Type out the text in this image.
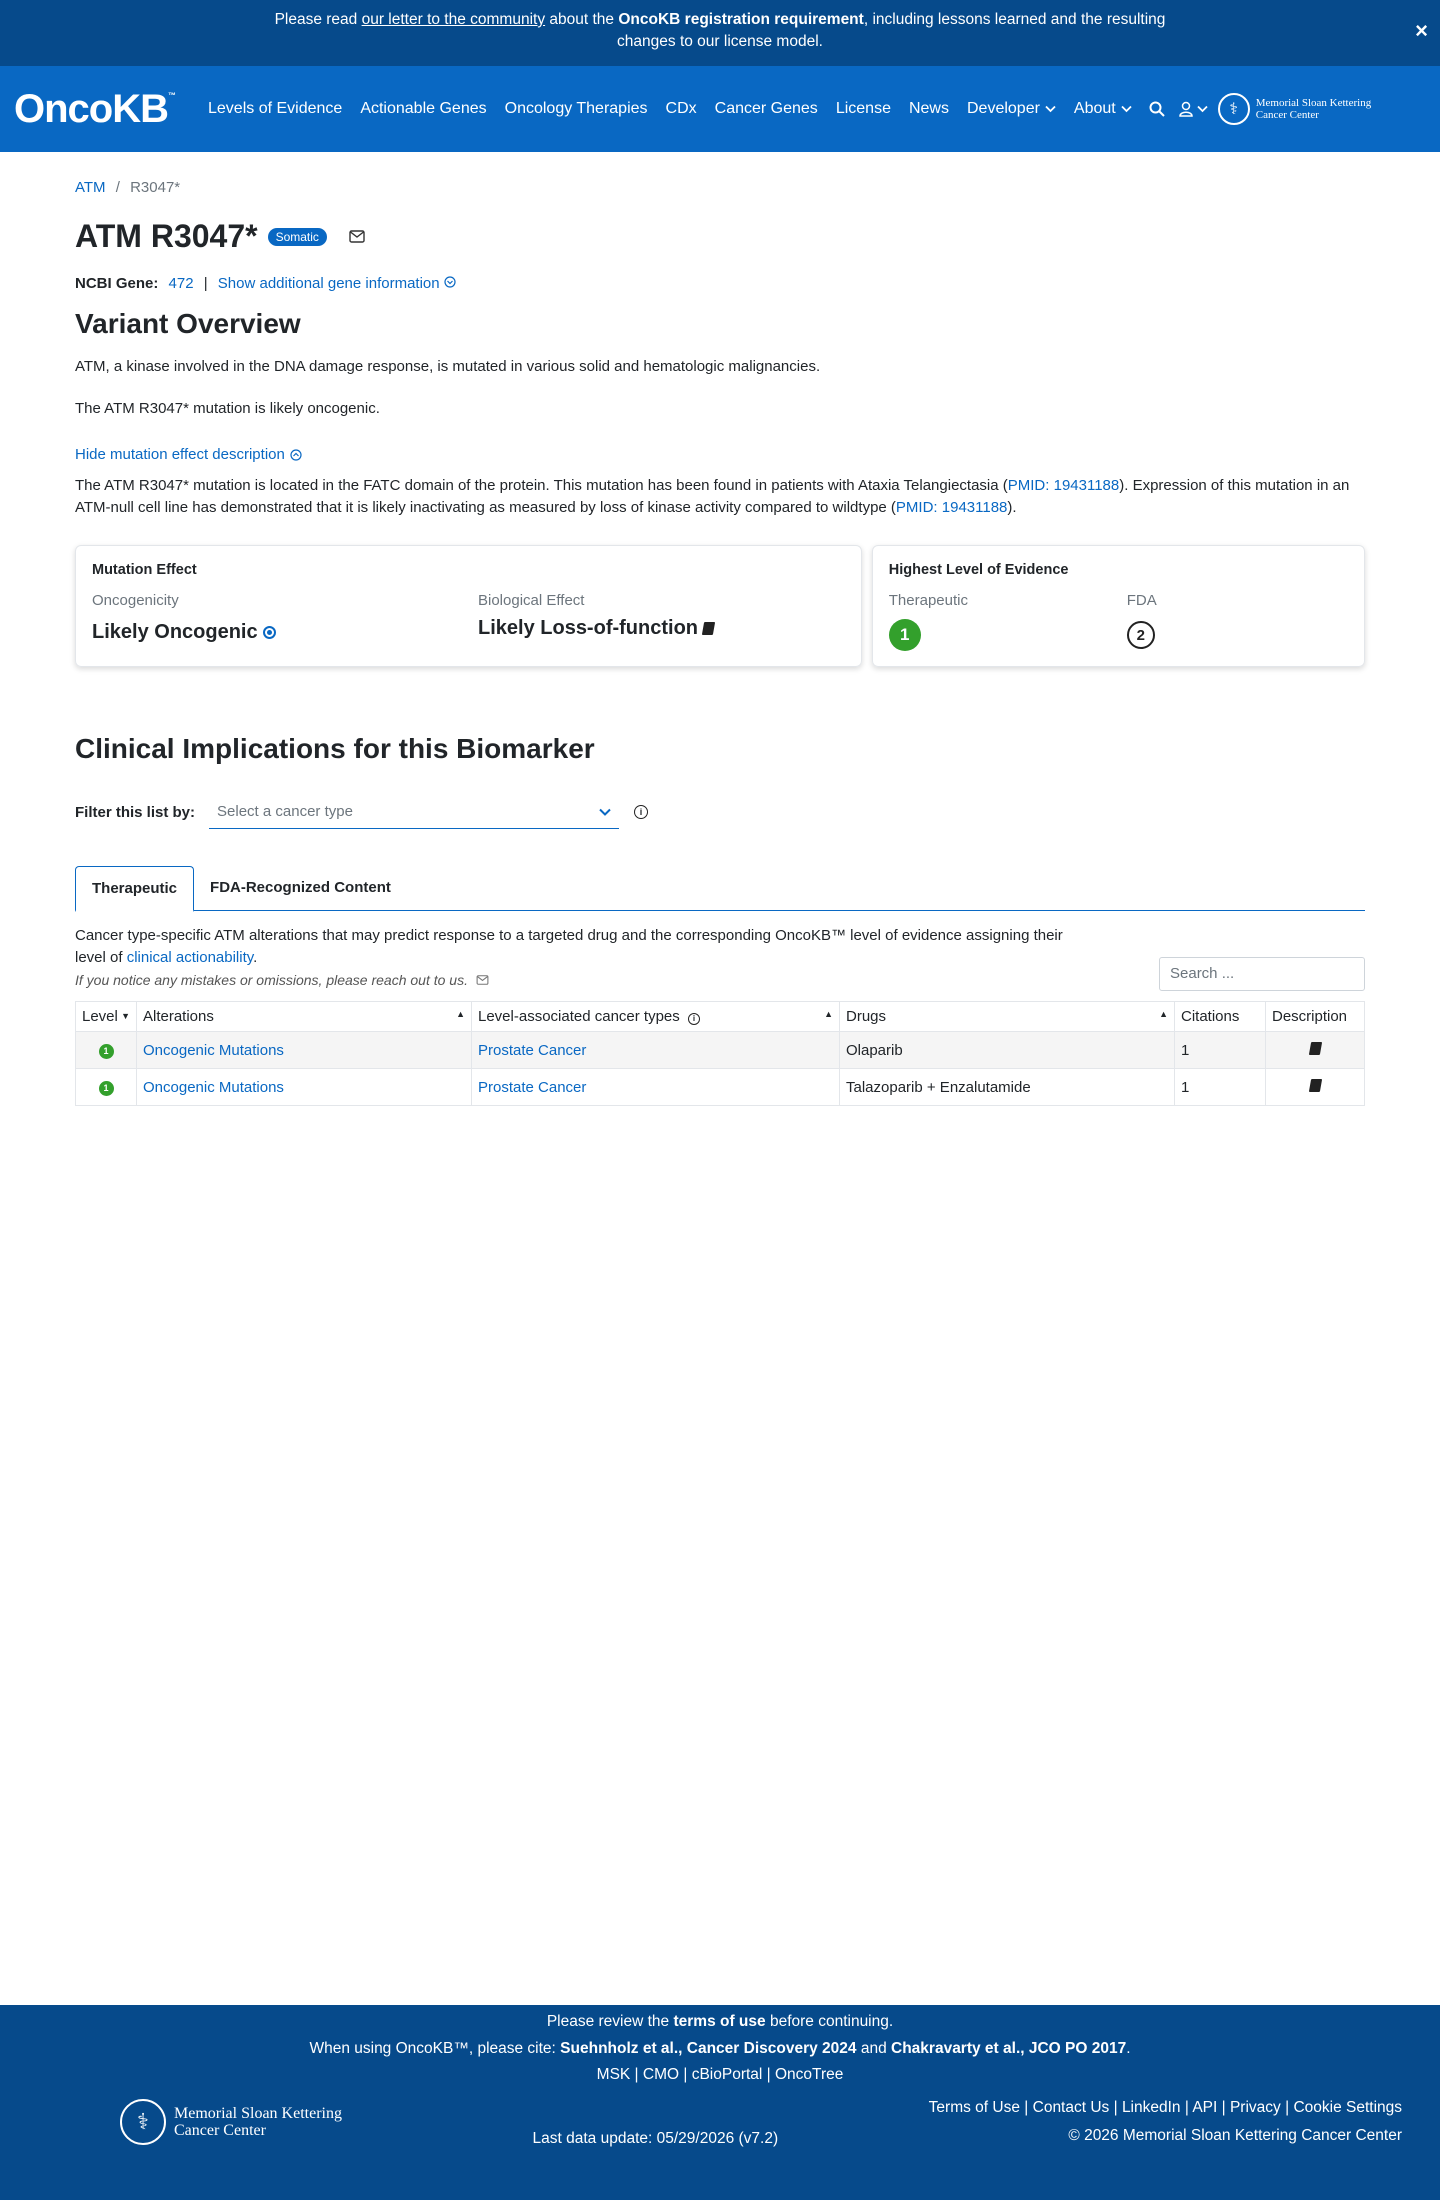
Please read our letter to the community about the OncoKB registration requirement, including lessons learned and the resulting changes to our license model.	×
OncoKB™
Levels of Evidence	Actionable Genes	Oncology Therapies	CDx	Cancer Genes	License	News	Developer About	⚕	Memorial Sloan Kettering
Cancer Center
ATM / R3047*
ATM R3047*	Somatic
NCBI Gene: 472 | Show additional gene information
Variant Overview

ATM, a kinase involved in the DNA damage response, is mutated in various solid and hematologic malignancies.

The ATM R3047* mutation is likely oncogenic.

Hide mutation effect description
The ATM R3047* mutation is located in the FATC domain of the protein. This mutation has been found in patients with Ataxia Telangiectasia (PMID: 19431188). Expression of this mutation in an ATM-null cell line has demonstrated that it is likely inactivating as measured by loss of kinase activity compared to wildtype (PMID: 19431188).
Mutation Effect
Oncogenicity
Likely Oncogenic
Biological Effect
Likely Loss-of-function
Highest Level of Evidence
Therapeutic
1
FDA
2
Clinical Implications for this Biomarker
Filter this list by: Select a cancer type	i
Therapeutic	FDA-Recognized Content
Cancer type-specific ATM alterations that may predict response to a targeted drug and the corresponding OncoKB™ level of evidence assigning their level of clinical actionability.
If you notice any mistakes or omissions, please reach out to us.	Search ...
Level ▼	Alterations ▲	Level-associated cancer types i ▲	Drugs ▲	Citations	Description
1	Oncogenic Mutations	Prostate Cancer	Olaparib	1	
1	Oncogenic Mutations	Prostate Cancer	Talazoparib + Enzalutamide	1	
Please review the terms of use before continuing.
When using OncoKB™, please cite: Suehnholz et al., Cancer Discovery 2024 and Chakravarty et al., JCO PO 2017.
MSK | CMO | cBioPortal | OncoTree
⚕	Memorial Sloan Kettering
Cancer Center	Last data update: 05/29/2026 (v7.2)
Terms of Use | Contact Us | LinkedIn | API | Privacy | Cookie Settings
© 2026 Memorial Sloan Kettering Cancer Center
